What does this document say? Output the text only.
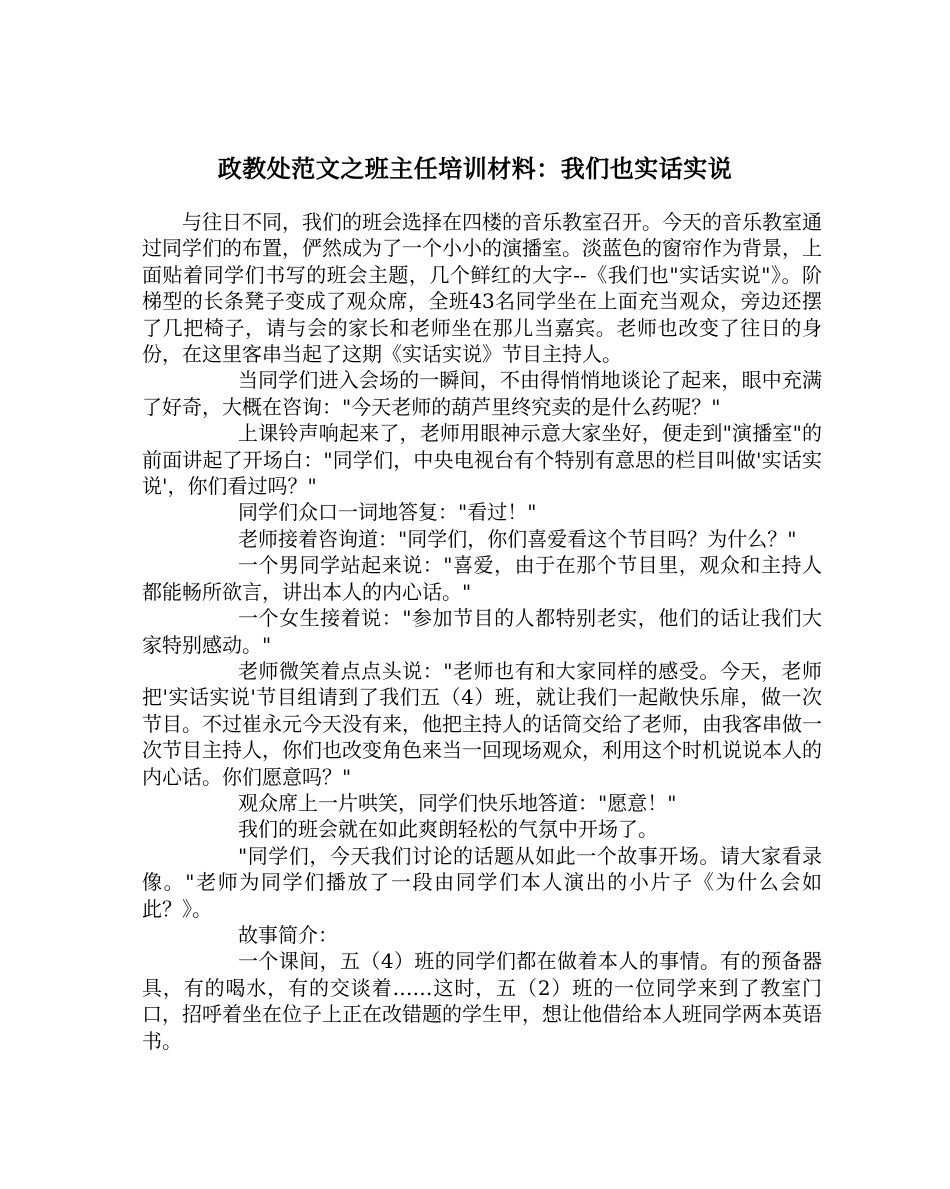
政教处范文之班主任培训材料：我们也实话实说

与往日不同，我们的班会选择在四楼的音乐教室召开。今天的音乐教室通过同学们的布置，俨然成为了一个小小的演播室。淡蓝色的窗帘作为背景，上面贴着同学们书写的班会主题，几个鲜红的大字--《我们也"实话实说"》。阶梯型的长条凳子变成了观众席，全班43名同学坐在上面充当观众，旁边还摆了几把椅子，请与会的家长和老师坐在那儿当嘉宾。老师也改变了往日的身份，在这里客串当起了这期《实话实说》节目主持人。

当同学们进入会场的一瞬间，不由得悄悄地谈论了起来，眼中充满了好奇，大概在咨询："今天老师的葫芦里终究卖的是什么药呢？"

上课铃声响起来了，老师用眼神示意大家坐好，便走到"演播室"的前面讲起了开场白："同学们，中央电视台有个特别有意思的栏目叫做'实话实说'，你们看过吗？"

同学们众口一词地答复："看过！"

老师接着咨询道："同学们，你们喜爱看这个节目吗？为什么？"

一个男同学站起来说："喜爱，由于在那个节目里，观众和主持人都能畅所欲言，讲出本人的内心话。"

一个女生接着说："参加节目的人都特别老实，他们的话让我们大家特别感动。"

老师微笑着点点头说："老师也有和大家同样的感受。今天，老师把'实话实说'节目组请到了我们五（4）班，就让我们一起敞快乐扉，做一次节目。不过崔永元今天没有来，他把主持人的话筒交给了老师，由我客串做一次节目主持人，你们也改变角色来当一回现场观众，利用这个时机说说本人的内心话。你们愿意吗？"

观众席上一片哄笑，同学们快乐地答道："愿意！"

我们的班会就在如此爽朗轻松的气氛中开场了。

"同学们，今天我们讨论的话题从如此一个故事开场。请大家看录像。"老师为同学们播放了一段由同学们本人演出的小片子《为什么会如此？》。

故事简介：

一个课间，五（4）班的同学们都在做着本人的事情。有的预备器具，有的喝水，有的交谈着……这时，五（2）班的一位同学来到了教室门口，招呼着坐在位子上正在改错题的学生甲，想让他借给本人班同学两本英语书。
